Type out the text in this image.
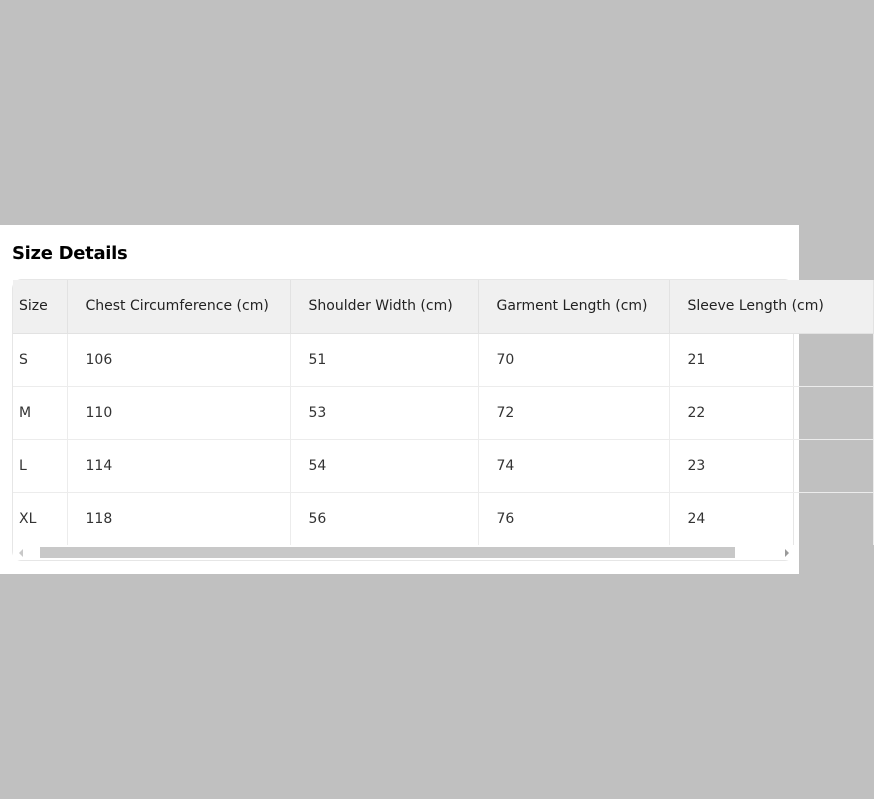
Size Details
Size	Chest Circumference (cm)	Shoulder Width (cm)	Garment Length (cm)	Sleeve Length (cm)
S	106	51	70	21
M	110	53	72	22
L	114	54	74	23
XL	118	56	76	24
